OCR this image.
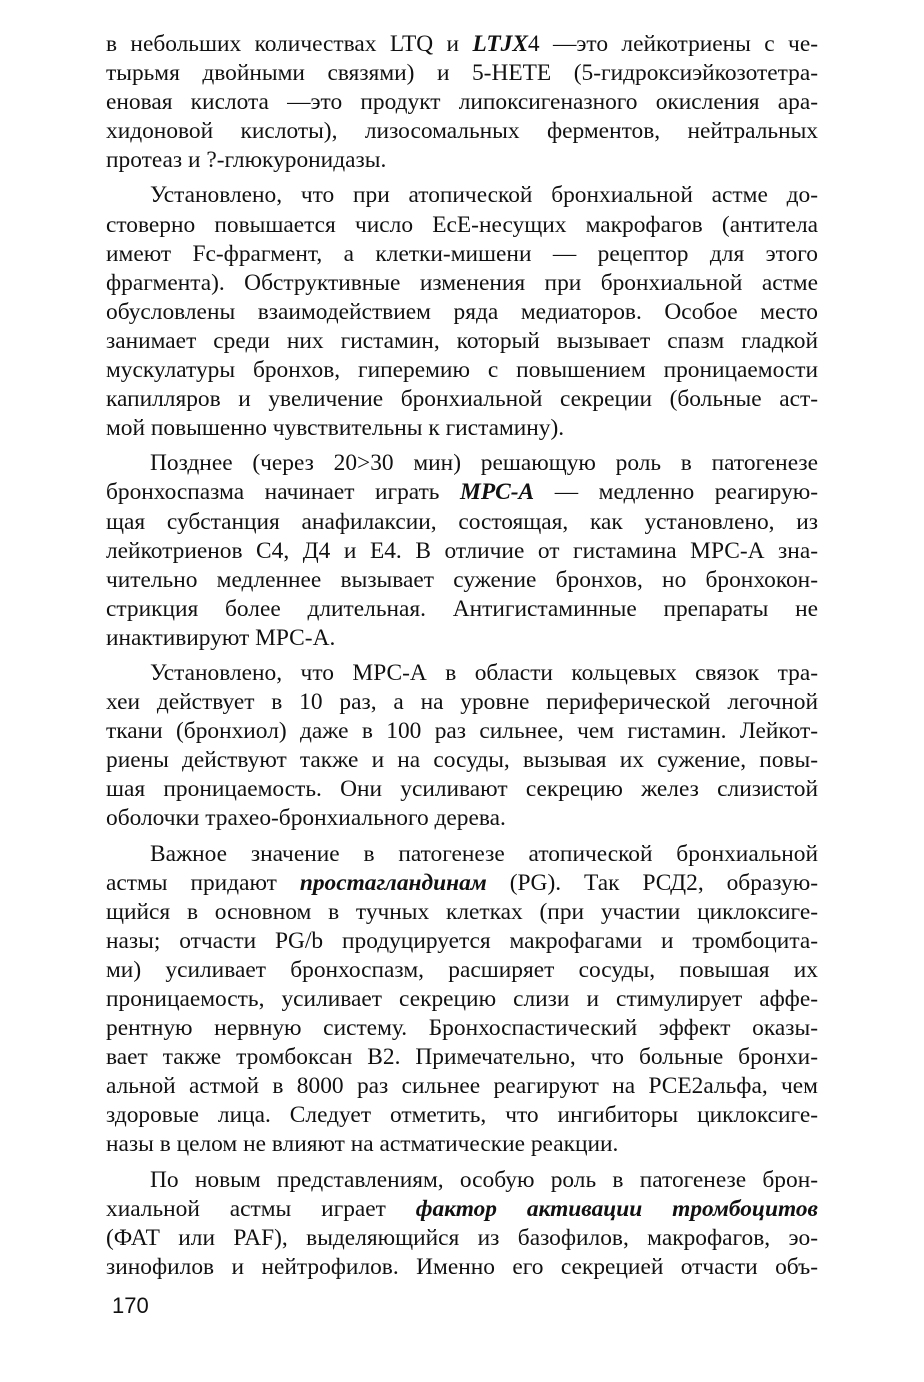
в небольших количествах LTQ и LTJX4 —это лейкотриены с че-
тырьмя двойными связями) и 5-НЕТЕ (5-гидроксиэйкозотетра-
еновая кислота —это продукт липоксигеназного окисления ара-
хидоновой кислоты), лизосомальных ферментов, нейтральных
протеаз и ?-глюкуронидазы.
Установлено, что при атопической бронхиальной астме до-
стоверно повышается число ЕсЕ-несущих макрофагов (антитела
имеют Fc-фрагмент, а клетки-мишени — рецептор для этого
фрагмента). Обструктивные изменения при бронхиальной астме
обусловлены взаимодействием ряда медиаторов. Особое место
занимает среди них гистамин, который вызывает спазм гладкой
мускулатуры бронхов, гиперемию с повышением проницаемости
капилляров и увеличение бронхиальной секреции (больные аст-
мой повышенно чувствительны к гистамину).
Позднее (через 20>30 мин) решающую роль в патогенезе
бронхоспазма начинает играть МРС-А — медленно реагирую-
щая субстанция анафилаксии, состоящая, как установлено, из
лейкотриенов С4, Д4 и Е4. В отличие от гистамина МРС-А зна-
чительно медленнее вызывает сужение бронхов, но бронхокон-
стрикция более длительная. Антигистаминные препараты не
инактивируют МРС-А.
Установлено, что МРС-А в области кольцевых связок тра-
хеи действует в 10 раз, а на уровне периферической легочной
ткани (бронхиол) даже в 100 раз сильнее, чем гистамин. Лейкот-
риены действуют также и на сосуды, вызывая их сужение, повы-
шая проницаемость. Они усиливают секрецию желез слизистой
оболочки трахео-бронхиального дерева.
Важное значение в патогенезе атопической бронхиальной
астмы придают простагландинам (PG). Так РСД2, образую-
щийся в основном в тучных клетках (при участии циклоксиге-
назы; отчасти PG/b продуцируется макрофагами и тромбоцита-
ми) усиливает бронхоспазм, расширяет сосуды, повышая их
проницаемость, усиливает секрецию слизи и стимулирует аффе-
рентную нервную систему. Бронхоспастический эффект оказы-
вает также тромбоксан В2. Примечательно, что больные бронхи-
альной астмой в 8000 раз сильнее реагируют на РСЕ2альфа, чем
здоровые лица. Следует отметить, что ингибиторы циклоксиге-
назы в целом не влияют на астматические реакции.
По новым представлениям, особую роль в патогенезе брон-
хиальной астмы играет фактор активации тромбоцитов
(ФАТ или PAF), выделяющийся из базофилов, макрофагов, эо-
зинофилов и нейтрофилов. Именно его секрецией отчасти объ-
170
